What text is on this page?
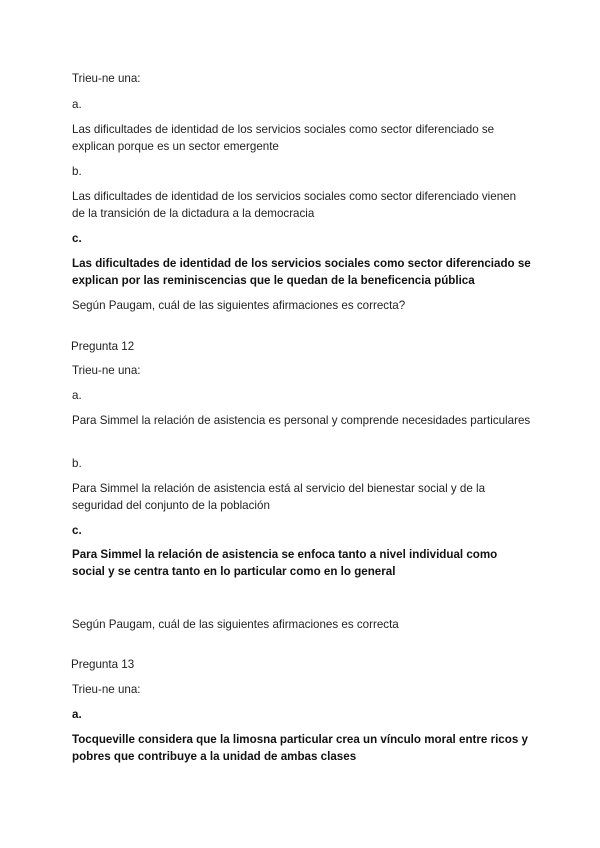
Trieu-ne una:

a.

Las dificultades de identidad de los servicios sociales como sector diferenciado se explican porque es un sector emergente

b.

Las dificultades de identidad de los servicios sociales como sector diferenciado vienen de la transición de la dictadura a la democracia

c.

Las dificultades de identidad de los servicios sociales como sector diferenciado se explican por las reminiscencias que le quedan de la beneficencia pública

Según Paugam, cuál de las siguientes afirmaciones es correcta?

Pregunta 12

Trieu-ne una:

a.

Para Simmel la relación de asistencia es personal y comprende necesidades particulares

b.

Para Simmel la relación de asistencia está al servicio del bienestar social y de la seguridad del conjunto de la población

c.

Para Simmel la relación de asistencia se enfoca tanto a nivel individual como social y se centra tanto en lo particular como en lo general

Según Paugam, cuál de las siguientes afirmaciones es correcta

Pregunta 13

Trieu-ne una:

a.

Tocqueville considera que la limosna particular crea un vínculo moral entre ricos y pobres que contribuye a la unidad de ambas clases
